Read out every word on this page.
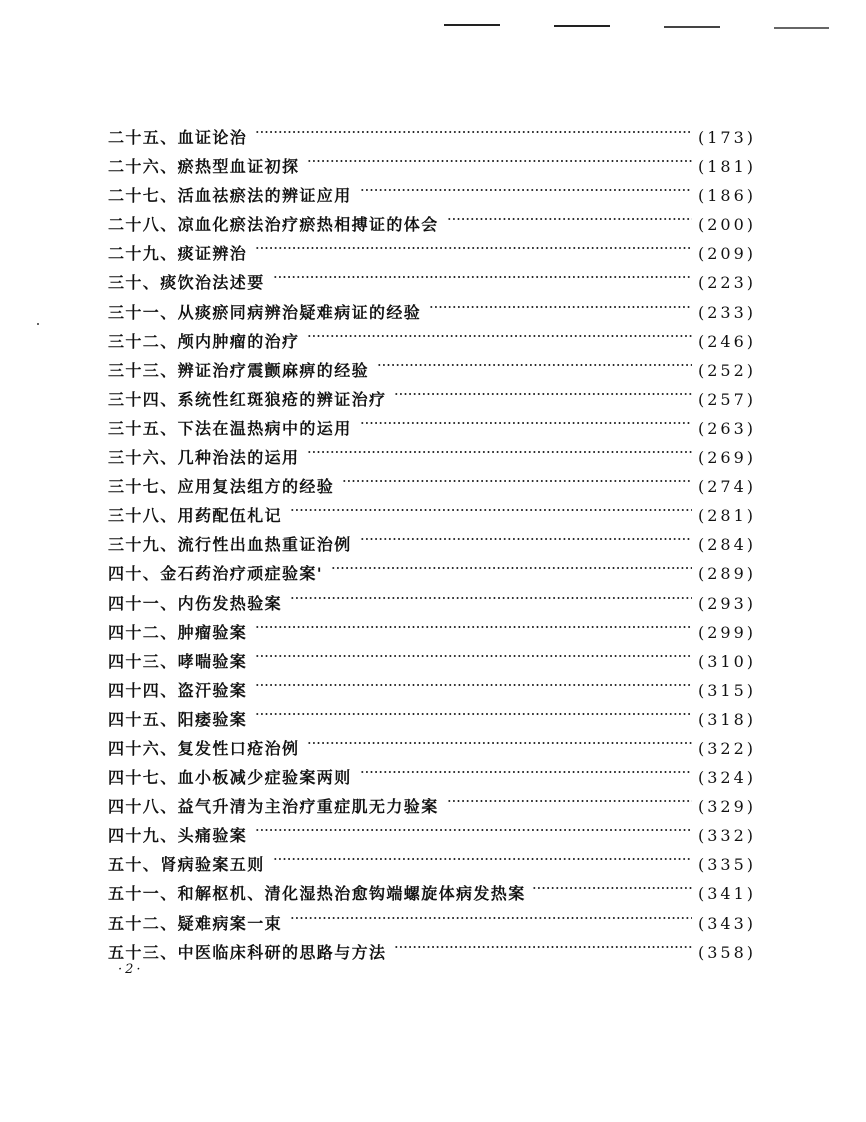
二十五、血证论治	(173)
二十六、瘀热型血证初探	(181)
二十七、活血祛瘀法的辨证应用	(186)
二十八、凉血化瘀法治疗瘀热相搏证的体会	(200)
二十九、痰证辨治	(209)
三十、痰饮治法述要	(223)
三十一、从痰瘀同病辨治疑难病证的经验	(233)
三十二、颅内肿瘤的治疗	(246)
三十三、辨证治疗震颤麻痹的经验	(252)
三十四、系统性红斑狼疮的辨证治疗	(257)
三十五、下法在温热病中的运用	(263)
三十六、几种治法的运用	(269)
三十七、应用复法组方的经验	(274)
三十八、用药配伍札记	(281)
三十九、流行性出血热重证治例	(284)
四十、金石药治疗顽症验案'	(289)
四十一、内伤发热验案	(293)
四十二、肿瘤验案	(299)
四十三、哮喘验案	(310)
四十四、盗汗验案	(315)
四十五、阳痿验案	(318)
四十六、复发性口疮治例	(322)
四十七、血小板减少症验案两则	(324)
四十八、益气升清为主治疗重症肌无力验案	(329)
四十九、头痛验案	(332)
五十、肾病验案五则	(335)
五十一、和解枢机、清化湿热治愈钩端螺旋体病发热案	(341)
五十二、疑难病案一束	(343)
五十三、中医临床科研的思路与方法	(358)
·2·
